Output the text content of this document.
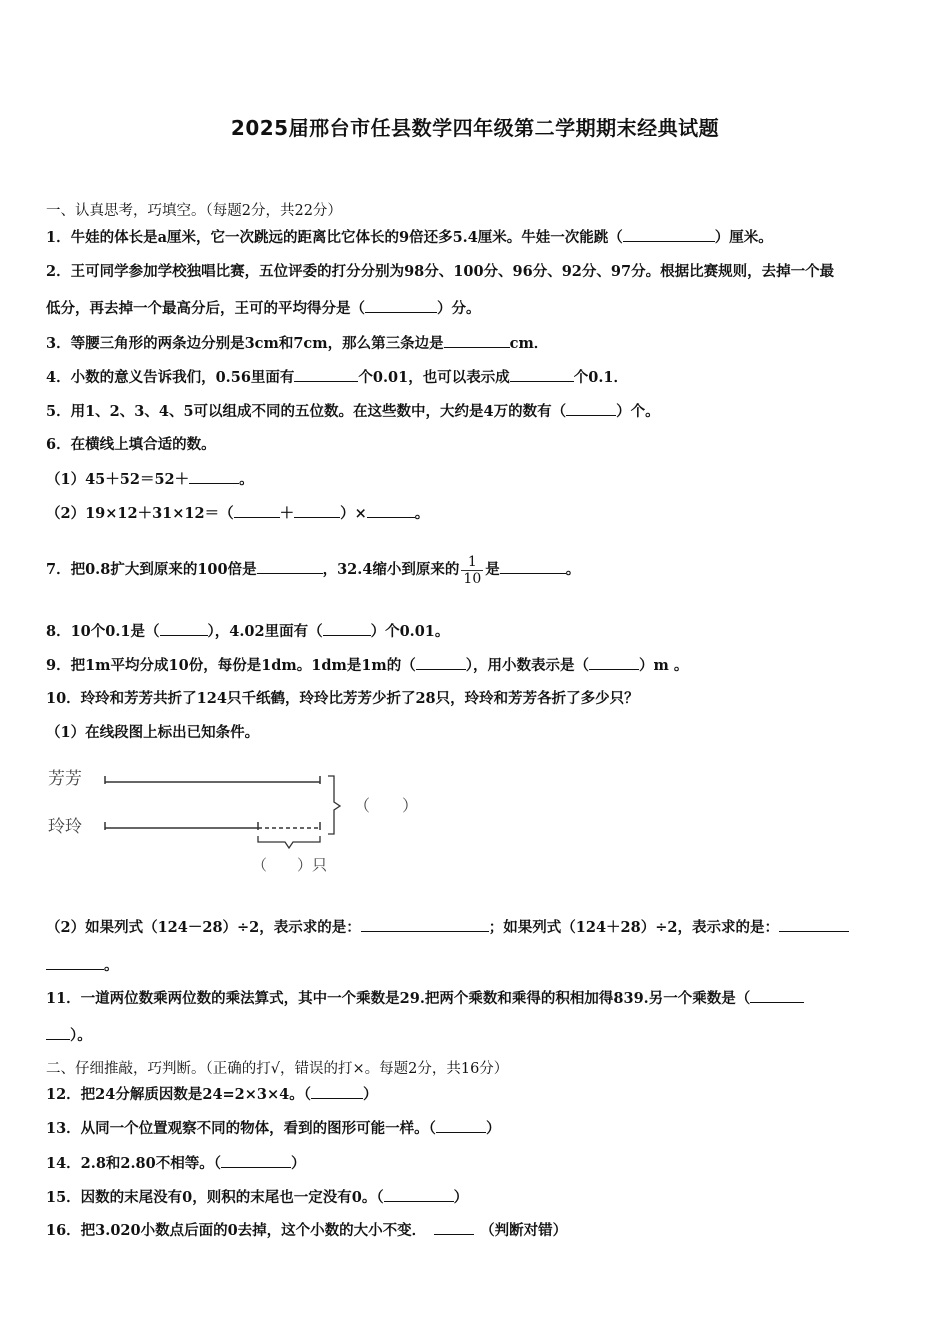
2025届邢台市任县数学四年级第二学期期末经典试题
一、认真思考，巧填空。（每题2分，共22分）
1．牛娃的体长是a厘米，它一次跳远的距离比它体长的9倍还多5.4厘米。牛娃一次能跳（	）厘米。
2．王可同学参加学校独唱比赛，五位评委的打分分别为98分、100分、96分、92分、97分。根据比赛规则，去掉一个最
低分，再去掉一个最高分后，王可的平均得分是（	）分。
3．等腰三角形的两条边分别是3cm和7cm，那么第三条边是	cm．
4．小数的意义告诉我们，0.56里面有	个0.01，也可以表示成	个0.1．
5．用1、2、3、4、5可以组成不同的五位数。在这些数中，大约是4万的数有（	）个。
6．在横线上填合适的数。
（1）45＋52＝52＋	。
（2）19×12＋31×12＝（	＋	）×	。
7．把0.8扩大到原来的100倍是	，32.4缩小到原来的 $\frac{1}{10}$ 是	。
8．10个0.1是（	），4.02里面有（	）个0.01。
9．把1m平均分成10份，每份是1dm。1dm是1m的（	），用小数表示是（	）m 。
10．玲玲和芳芳共折了124只千纸鹤，玲玲比芳芳少折了28只，玲玲和芳芳各折了多少只？
（1）在线段图上标出已知条件。
芳芳
玲玲
（　　）
（　　）只
（2）如果列式（124－28）÷2，表示求的是：	；如果列式（124＋28）÷2，表示求的是：
。
11．一道两位数乘两位数的乘法算式，其中一个乘数是29.把两个乘数和乘得的积相加得839.另一个乘数是（
）。
二、仔细推敲，巧判断。（正确的打√，错误的打×。每题2分，共16分）
12．把24分解质因数是24=2×3×4。（	）
13．从同一个位置观察不同的物体，看到的图形可能一样。（	）
14．2.8和2.80不相等。（	）
15．因数的末尾没有0，则积的末尾也一定没有0。（	）
16．把3.020小数点后面的0去掉，这个小数的大小不变．	（判断对错）
